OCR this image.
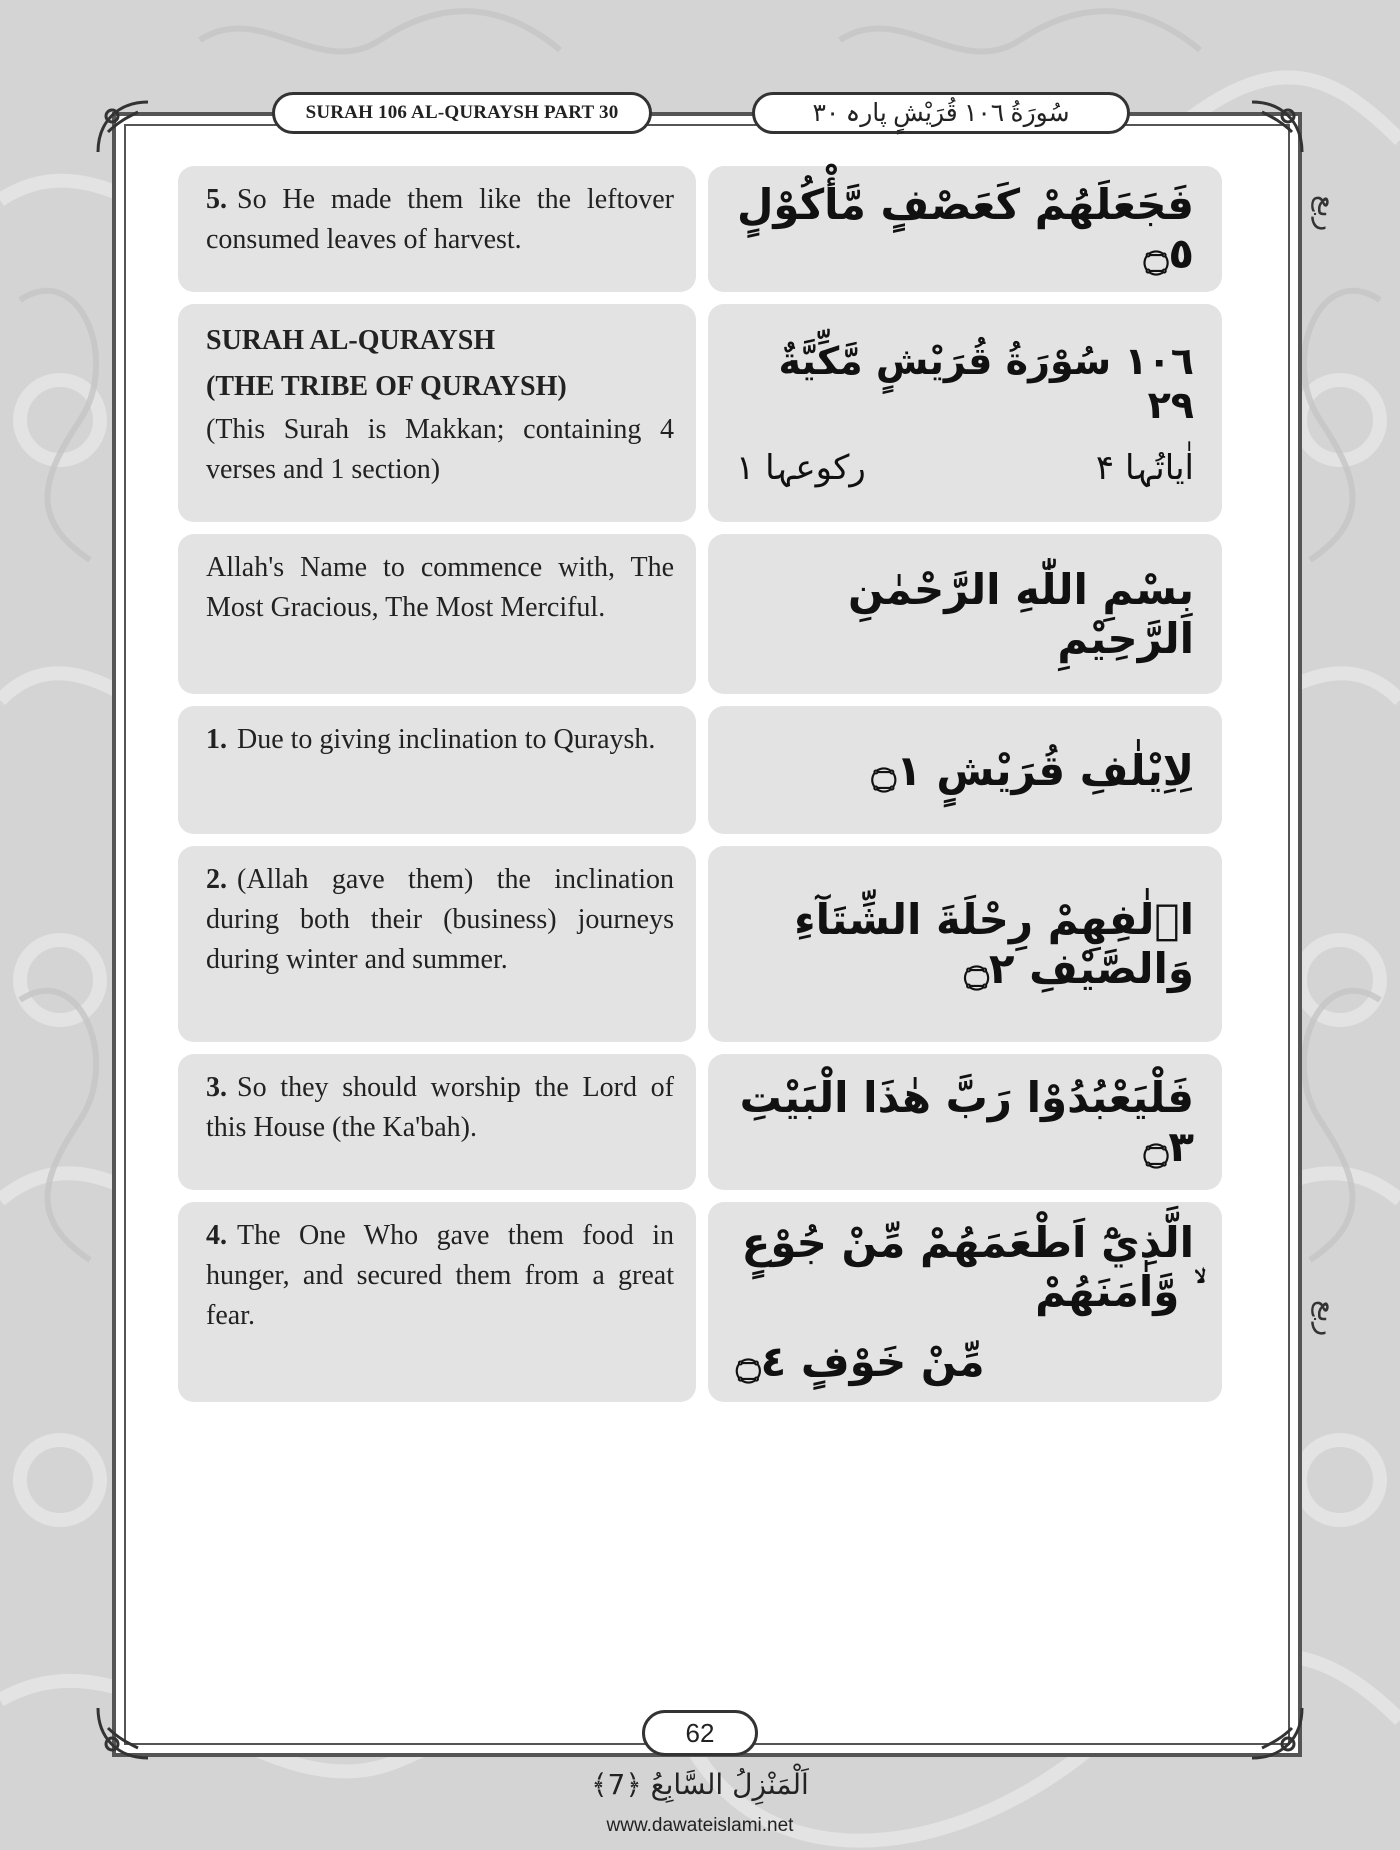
SURAH 106 AL-QURAYSH PART 30	سُورَةُ ١٠٦ قُرَيْشٍ پارہ ٣٠
ربع
ربع
5. So He made them like the leftover consumed leaves of harvest.
فَجَعَلَهُمْ كَعَصْفٍ مَّأْكُوْلٍ ۝٥
SURAH AL-QURAYSH
(THE TRIBE OF QURAYSH)
(This Surah is Makkan; containing 4 verses and 1 section)
١٠٦ سُوْرَةُ قُرَيْشٍ مَّكِّيَّةٌ ٢٩
اٰیاتُہا ۴
رکوعہا ١
Allah's Name to commence with, The Most Gracious, The Most Merciful.	بِسْمِ اللّٰهِ الرَّحْمٰنِ الرَّحِيْمِ
1. Due to giving inclination to Quraysh.
لِاِيْلٰفِ قُرَيْشٍ ۝١
2. (Allah gave them) the inclination during both their (business) journeys during winter and summer.
اٖلٰفِهِمْ رِحْلَةَ الشِّتَآءِ وَالصَّيْفِ ۝٢
3. So they should worship the Lord of this House (the Ka'bah).
فَلْيَعْبُدُوْا رَبَّ هٰذَا الْبَيْتِ ۝٣
4. The One Who gave them food in hunger, and secured them from a great fear.
الَّذِيْٓ اَطْعَمَهُمْ مِّنْ جُوْعٍ ۙ وَّاٰمَنَهُمْ
مِّنْ خَوْفٍ ۝٤
62
اَلْمَنْزِلُ السَّابِعُ ﴿7﴾
www.dawateislami.net
